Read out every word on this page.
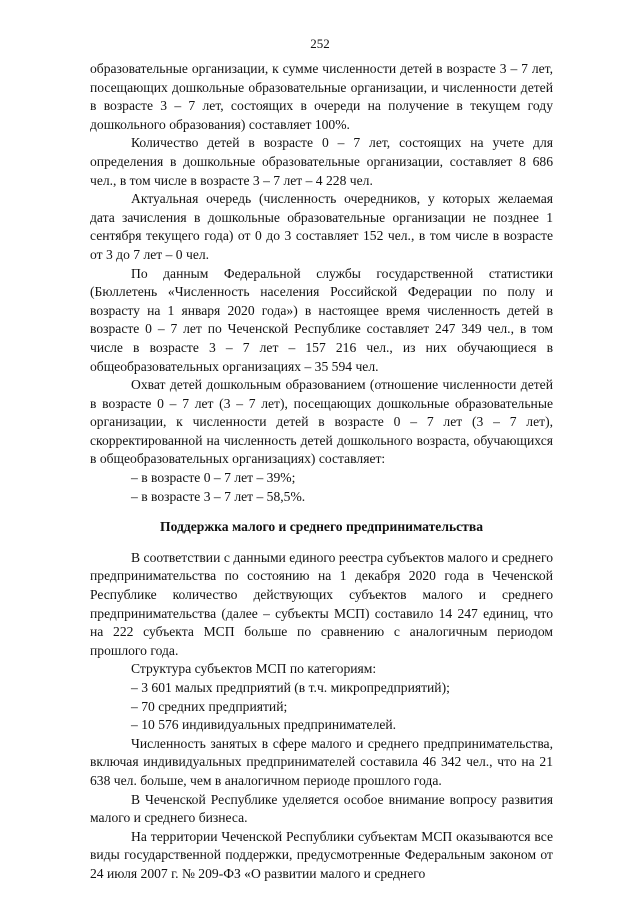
252

образовательные организации, к сумме численности детей в возрасте 3 – 7 лет, посещающих дошкольные образовательные организации, и численности детей в возрасте 3 – 7 лет, состоящих в очереди на получение в текущем году дошкольного образования) составляет 100%.

Количество детей в возрасте 0 – 7 лет, состоящих на учете для определения в дошкольные образовательные организации, составляет 8 686 чел., в том числе в возрасте 3 – 7 лет – 4 228 чел.

Актуальная очередь (численность очередников, у которых желаемая дата зачисления в дошкольные образовательные организации не позднее 1 сентября текущего года) от 0 до 3 составляет 152 чел., в том числе в возрасте от 3 до 7 лет – 0 чел.

По данным Федеральной службы государственной статистики (Бюллетень «Численность населения Российской Федерации по полу и возрасту на 1 января 2020 года») в настоящее время численность детей в возрасте 0 – 7 лет по Чеченской Республике составляет 247 349 чел., в том числе в возрасте 3 – 7 лет – 157 216 чел., из них обучающиеся в общеобразовательных организациях – 35 594 чел.

Охват детей дошкольным образованием (отношение численности детей в возрасте 0 – 7 лет (3 – 7 лет), посещающих дошкольные образовательные организации, к численности детей в возрасте 0 – 7 лет (3 – 7 лет), скорректированной на численность детей дошкольного возраста, обучающихся в общеобразовательных организациях) составляет:

– в возрасте 0 – 7 лет – 39%;

– в возрасте 3 – 7 лет – 58,5%.

Поддержка малого и среднего предпринимательства

В соответствии с данными единого реестра субъектов малого и среднего предпринимательства по состоянию на 1 декабря 2020 года в Чеченской Республике количество действующих субъектов малого и среднего предпринимательства (далее – субъекты МСП) составило 14 247 единиц, что на 222 субъекта МСП больше по сравнению с аналогичным периодом прошлого года.

Структура субъектов МСП по категориям:

– 3 601 малых предприятий (в т.ч. микропредприятий);

– 70 средних предприятий;

– 10 576 индивидуальных предпринимателей.

Численность занятых в сфере малого и среднего предпринимательства, включая индивидуальных предпринимателей составила 46 342 чел., что на 21 638 чел. больше, чем в аналогичном периоде прошлого года.

В Чеченской Республике уделяется особое внимание вопросу развития малого и среднего бизнеса.

На территории Чеченской Республики субъектам МСП оказываются все виды государственной поддержки, предусмотренные Федеральным законом от 24 июля 2007 г. № 209-ФЗ «О развитии малого и среднего
